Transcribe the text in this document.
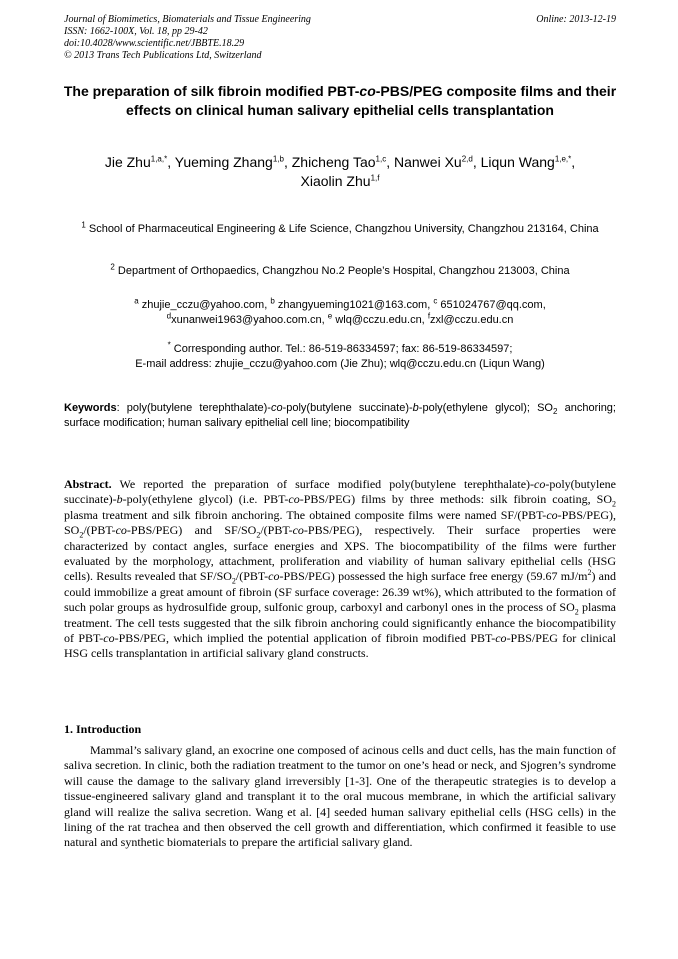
Journal of Biomimetics, Biomaterials and Tissue Engineering
ISSN: 1662-100X, Vol. 18, pp 29-42
doi:10.4028/www.scientific.net/JBBTE.18.29
© 2013 Trans Tech Publications Ltd, Switzerland
Online: 2013-12-19
The preparation of silk fibroin modified PBT-co-PBS/PEG composite films and their effects on clinical human salivary epithelial cells transplantation
Jie Zhu$^{1,a,*}$, Yueming Zhang$^{1,b}$, Zhicheng Tao$^{1,c}$, Nanwei Xu$^{2,d}$, Liqun Wang$^{1,e,*}$,
Xiaolin Zhu$^{1,f}$
$^1$ School of Pharmaceutical Engineering & Life Science, Changzhou University, Changzhou 213164, China
$^2$ Department of Orthopaedics, Changzhou No.2 People’s Hospital, Changzhou 213003, China
$^a$ zhujie_cczu@yahoo.com, $^b$ zhangyueming1021@163.com, $^c$ 651024767@qq.com,
$^d$xunanwei1963@yahoo.com.cn, $^e$ wlq@cczu.edu.cn, $^f$zxl@cczu.edu.cn
* Corresponding author. Tel.: 86-519-86334597; fax: 86-519-86334597;
E-mail address: zhujie_cczu@yahoo.com (Jie Zhu); wlq@cczu.edu.cn (Liqun Wang)
Keywords: poly(butylene terephthalate)-co-poly(butylene succinate)-b-poly(ethylene glycol); $SO_2$ anchoring; surface modification; human salivary epithelial cell line; biocompatibility
Abstract. We reported the preparation of surface modified poly(butylene terephthalate)-co-poly(butylene succinate)-b-poly(ethylene glycol) (i.e. PBT-co-PBS/PEG) films by three methods: silk fibroin coating, $SO_2$ plasma treatment and silk fibroin anchoring. The obtained composite films were named SF/(PBT-co-PBS/PEG), $SO_2/(PBT-co-PBS/PEG)$ and $SF/SO_2/(PBT-co-PBS/PEG)$, respectively. Their surface properties were characterized by contact angles, surface energies and XPS. The biocompatibility of the films were further evaluated by the morphology, attachment, proliferation and viability of human salivary epithelial cells (HSG cells). Results revealed that $SF/SO_2/(PBT-co-PBS/PEG)$ possessed the high surface free energy (59.67 $mJ/m^2$) and could immobilize a great amount of fibroin (SF surface coverage: 26.39 wt%), which attributed to the formation of such polar groups as hydrosulfide group, sulfonic group, carboxyl and carbonyl ones in the process of $SO_2$ plasma treatment. The cell tests suggested that the silk fibroin anchoring could significantly enhance the biocompatibility of PBT-co-PBS/PEG, which implied the potential application of fibroin modified PBT-co-PBS/PEG for clinical HSG cells transplantation in artificial salivary gland constructs.
1. Introduction
Mammal’s salivary gland, an exocrine one composed of acinous cells and duct cells, has the main function of saliva secretion. In clinic, both the radiation treatment to the tumor on one’s head or neck, and Sjogren’s syndrome will cause the damage to the salivary gland irreversibly [1-3]. One of the therapeutic strategies is to develop a tissue-engineered salivary gland and transplant it to the oral mucous membrane, in which the artificial salivary gland will realize the saliva secretion. Wang et al. [4] seeded human salivary epithelial cells (HSG cells) in the lining of the rat trachea and then observed the cell growth and differentiation, which confirmed it feasible to use natural and synthetic biomaterials to prepare the artificial salivary gland.
